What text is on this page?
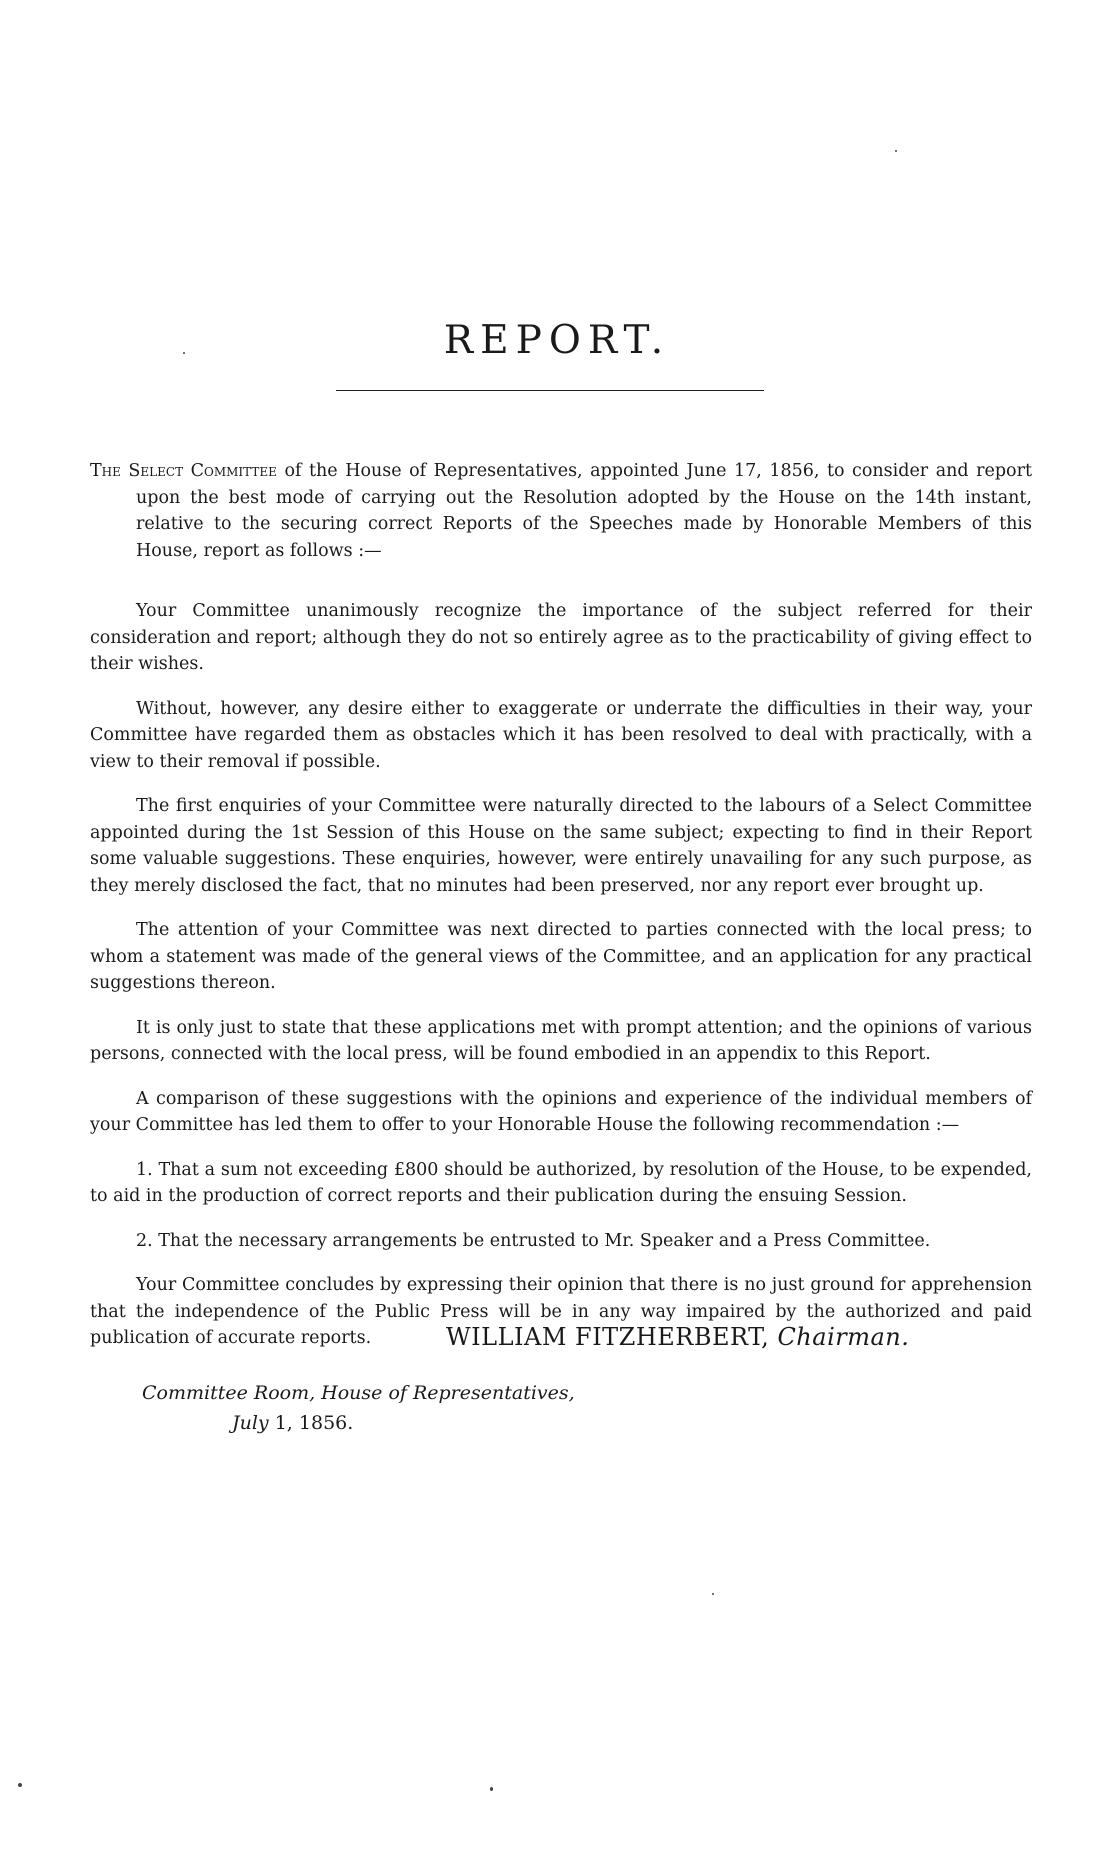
REPORT.

The Select Committee of the House of Representatives, appointed June 17, 1856, to consider and report upon the best mode of carrying out the Resolution adopted by the House on the 14th instant, relative to the securing correct Reports of the Speeches made by Honorable Members of this House, report as follows :—

Your Committee unanimously recognize the importance of the subject referred for their consideration and report; although they do not so entirely agree as to the practicability of giving effect to their wishes.

Without, however, any desire either to exaggerate or underrate the difficulties in their way, your Committee have regarded them as obstacles which it has been resolved to deal with practically, with a view to their removal if possible.

The first enquiries of your Committee were naturally directed to the labours of a Select Committee appointed during the 1st Session of this House on the same subject; expecting to find in their Report some valuable suggestions. These enquiries, however, were entirely unavailing for any such purpose, as they merely disclosed the fact, that no minutes had been preserved, nor any report ever brought up.

The attention of your Committee was next directed to parties connected with the local press; to whom a statement was made of the general views of the Committee, and an application for any practical suggestions thereon.

It is only just to state that these applications met with prompt attention; and the opinions of various persons, connected with the local press, will be found embodied in an appendix to this Report.

A comparison of these suggestions with the opinions and experience of the individual members of your Committee has led them to offer to your Honorable House the following recommendation :—

1. That a sum not exceeding £800 should be authorized, by resolution of the House, to be expended, to aid in the production of correct reports and their publication during the ensuing Session.

2. That the necessary arrangements be entrusted to Mr. Speaker and a Press Committee.

Your Committee concludes by expressing their opinion that there is no just ground for apprehension that the independence of the Public Press will be in any way impaired by the authorized and paid publication of accurate reports.	WILLIAM FITZHERBERT, Chairman.
Committee Room, House of Representatives,
July 1, 1856.
